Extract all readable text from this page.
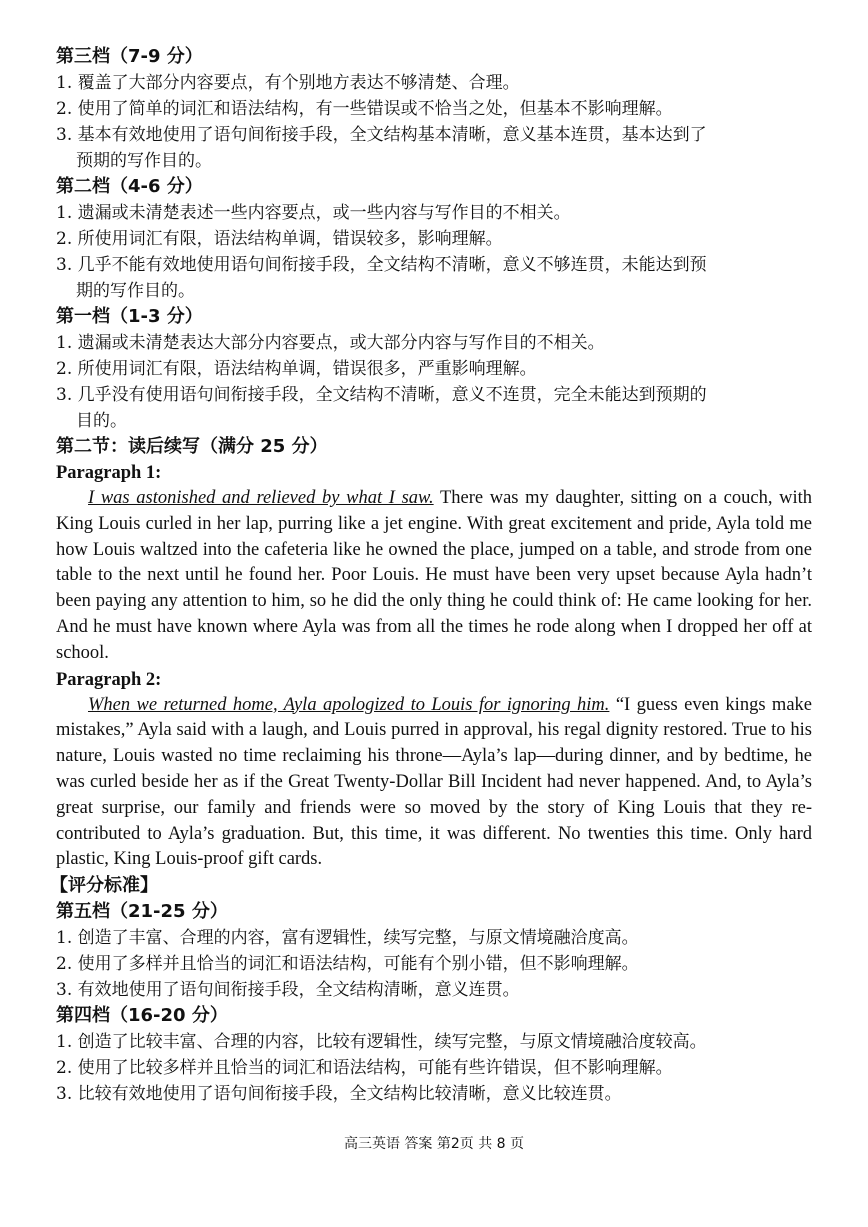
第三档（7-9 分）

1. 覆盖了大部分内容要点，有个别地方表达不够清楚、合理。

2. 使用了简单的词汇和语法结构，有一些错误或不恰当之处，但基本不影响理解。

3. 基本有效地使用了语句间衔接手段，全文结构基本清晰，意义基本连贯，基本达到了
预期的写作目的。

第二档（4-6 分）

1. 遗漏或未清楚表述一些内容要点，或一些内容与写作目的不相关。

2. 所使用词汇有限，语法结构单调，错误较多，影响理解。

3. 几乎不能有效地使用语句间衔接手段，全文结构不清晰，意义不够连贯，未能达到预
期的写作目的。

第一档（1-3 分）

1. 遗漏或未清楚表达大部分内容要点，或大部分内容与写作目的不相关。

2. 所使用词汇有限，语法结构单调，错误很多，严重影响理解。

3. 几乎没有使用语句间衔接手段，全文结构不清晰，意义不连贯，完全未能达到预期的
目的。

第二节：读后续写（满分 25 分）

Paragraph 1:

I was astonished and relieved by what I saw. There was my daughter, sitting on a couch, with King Louis curled in her lap, purring like a jet engine. With great excitement and pride, Ayla told me how Louis waltzed into the cafeteria like he owned the place, jumped on a table, and strode from one table to the next until he found her. Poor Louis. He must have been very upset because Ayla hadn’t been paying any attention to him, so he did the only thing he could think of: He came looking for her. And he must have known where Ayla was from all the times he rode along when I dropped her off at school.

Paragraph 2:

When we returned home, Ayla apologized to Louis for ignoring him. “I guess even kings make mistakes,” Ayla said with a laugh, and Louis purred in approval, his regal dignity restored. True to his nature, Louis wasted no time reclaiming his throne—Ayla’s lap—during dinner, and by bedtime, he was curled beside her as if the Great Twenty-Dollar Bill Incident had never happened. And, to Ayla’s great surprise, our family and friends were so moved by the story of King Louis that they re-contributed to Ayla’s graduation. But, this time, it was different. No twenties this time. Only hard plastic, King Louis-proof gift cards.

【评分标准】

第五档（21-25 分）

1. 创造了丰富、合理的内容，富有逻辑性，续写完整，与原文情境融洽度高。

2. 使用了多样并且恰当的词汇和语法结构，可能有个别小错，但不影响理解。

3. 有效地使用了语句间衔接手段，全文结构清晰，意义连贯。

第四档（16-20 分）

1. 创造了比较丰富、合理的内容，比较有逻辑性，续写完整，与原文情境融洽度较高。

2. 使用了比较多样并且恰当的词汇和语法结构，可能有些许错误，但不影响理解。

3. 比较有效地使用了语句间衔接手段，全文结构比较清晰，意义比较连贯。

高三英语 答案 第2页 共 8 页
